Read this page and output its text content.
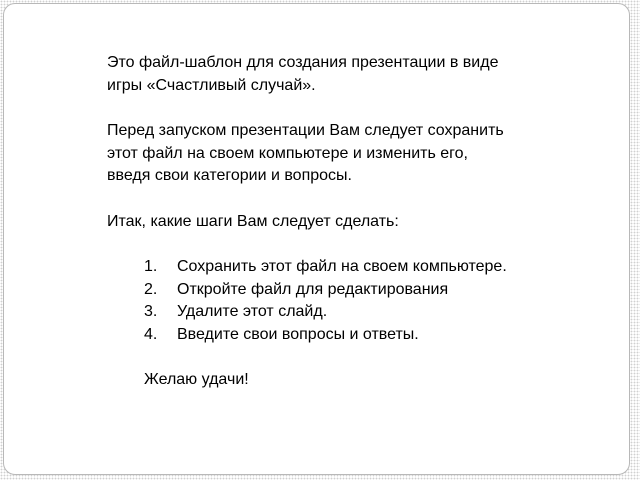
Это файл-шаблон для создания презентации в виде
игры «Счастливый случай».

Перед запуском презентации Вам следует сохранить
этот файл на своем компьютере и изменить его,
введя свои категории и вопросы.

Итак, какие шаги Вам следует сделать:

1. Сохранить этот файл на своем компьютере.
2. Откройте файл для редактирования
3. Удалите этот слайд.
4. Введите свои вопросы и ответы.

Желаю удачи!
